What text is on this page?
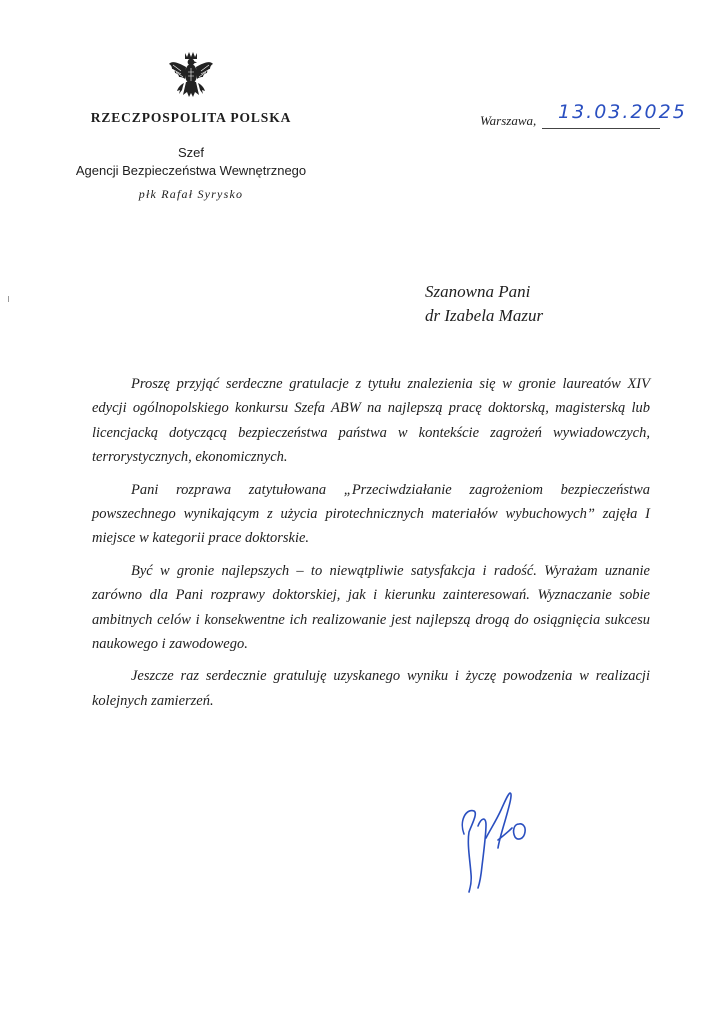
RZECZPOSPOLITA POLSKA
Szef
Agencji Bezpieczeństwa Wewnętrznego
płk Rafał Syrysko
Warszawa, 13.03.2025
Szanowna Pani
dr Izabela Mazur

Proszę przyjąć serdeczne gratulacje z tytułu znalezienia się w gronie laureatów XIV edycji ogólnopolskiego konkursu Szefa ABW na najlepszą pracę doktorską, magisterską lub licencjacką dotyczącą bezpieczeństwa państwa w kontekście zagrożeń wywiadowczych, terrorystycznych, ekonomicznych.

Pani rozprawa zatytułowana „Przeciwdziałanie zagrożeniom bezpieczeństwa powszechnego wynikającym z użycia pirotechnicznych materiałów wybuchowych” zajęła I miejsce w kategorii prace doktorskie.

Być w gronie najlepszych – to niewątpliwie satysfakcja i radość. Wyrażam uznanie zarówno dla Pani rozprawy doktorskiej, jak i kierunku zainteresowań. Wyznaczanie sobie ambitnych celów i konsekwentne ich realizowanie jest najlepszą drogą do osiągnięcia sukcesu naukowego i zawodowego.

Jeszcze raz serdecznie gratuluję uzyskanego wyniku i życzę powodzenia w realizacji kolejnych zamierzeń.
